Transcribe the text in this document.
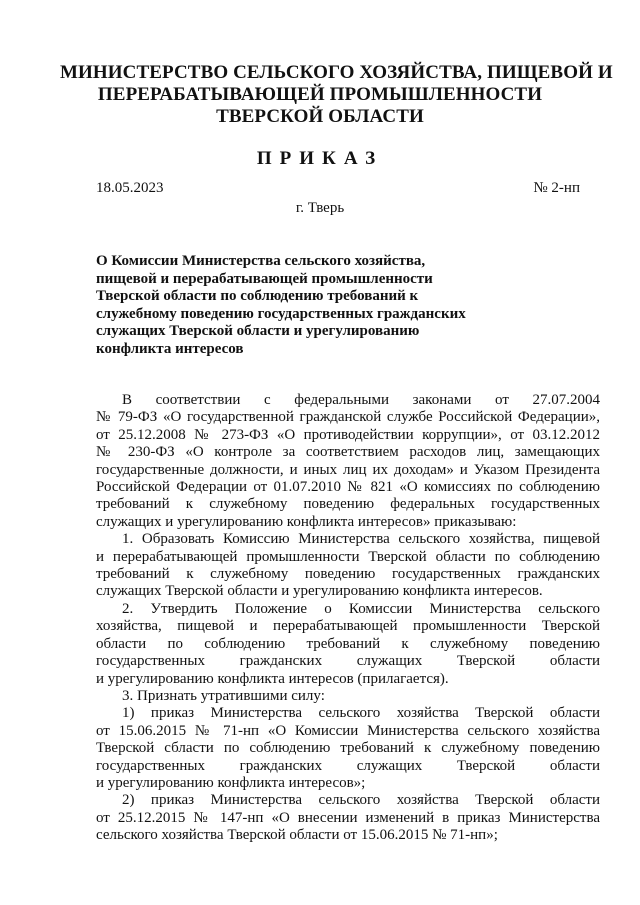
МИНИСТЕРСТВО СЕЛЬСКОГО ХОЗЯЙСТВА, ПИЩЕВОЙ И
ПЕРЕРАБАТЫВАЮЩЕЙ ПРОМЫШЛЕННОСТИ
ТВЕРСКОЙ ОБЛАСТИ
ПРИКАЗ
18.05.2023	№ 2-нп
г. Тверь
О Комиссии Министерства сельского хозяйства,
пищевой и перерабатывающей промышленности
Тверской области по соблюдению требований к
служебному поведению государственных гражданских
служащих Тверской области и урегулированию
конфликта интересов
В соответствии с федеральными законами от 27.07.2004
№ 79-ФЗ «О государственной гражданской службе Российской Федерации»,
от 25.12.2008 № 273-ФЗ «О противодействии коррупции», от 03.12.2012
№ 230-ФЗ «О контроле за соответствием расходов лиц, замещающих
государственные должности, и иных лиц их доходам» и Указом Президента
Российской Федерации от 01.07.2010 № 821 «О комиссиях по соблюдению
требований к служебному поведению федеральных государственных
служащих и урегулированию конфликта интересов» приказываю:
1. Образовать Комиссию Министерства сельского хозяйства, пищевой
и перерабатывающей промышленности Тверской области по соблюдению
требований к служебному поведению государственных гражданских
служащих Тверской области и урегулированию конфликта интересов.
2. Утвердить Положение о Комиссии Министерства сельского
хозяйства, пищевой и перерабатывающей промышленности Тверской
области по соблюдению требований к служебному поведению
государственных гражданских служащих Тверской области
и урегулированию конфликта интересов (прилагается).
3. Признать утратившими силу:
1) приказ Министерства сельского хозяйства Тверской области
от 15.06.2015 № 71-нп «О Комиссии Министерства сельского хозяйства
Тверской сбласти по соблюдению требований к служебному поведению
государственных гражданских служащих Тверской области
и урегулированию конфликта интересов»;
2) приказ Министерства сельского хозяйства Тверской области
от 25.12.2015 № 147-нп «О внесении изменений в приказ Министерства
сельского хозяйства Тверской области от 15.06.2015 № 71-нп»;
